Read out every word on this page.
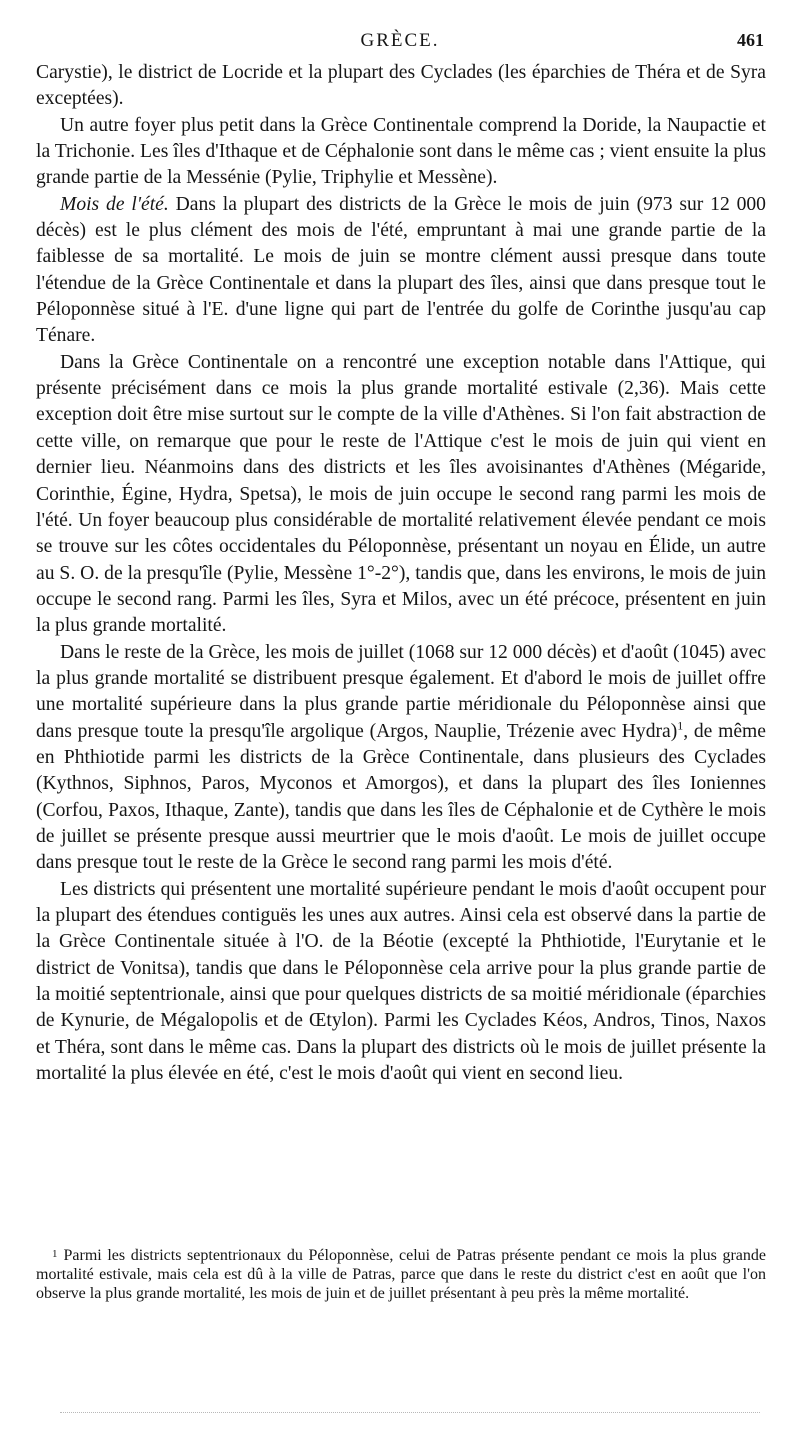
GRÈCE.	461

Carystie), le district de Locride et la plupart des Cyclades (les éparchies de Théra et de Syra exceptées).

Un autre foyer plus petit dans la Grèce Continentale comprend la Doride, la Naupactie et la Trichonie. Les îles d'Ithaque et de Céphalonie sont dans le même cas ; vient ensuite la plus grande partie de la Messénie (Pylie, Triphylie et Messène).

Mois de l'été. Dans la plupart des districts de la Grèce le mois de juin (973 sur 12 000 décès) est le plus clément des mois de l'été, empruntant à mai une grande partie de la faiblesse de sa mortalité. Le mois de juin se montre clément aussi presque dans toute l'étendue de la Grèce Continentale et dans la plupart des îles, ainsi que dans presque tout le Péloponnèse situé à l'E. d'une ligne qui part de l'entrée du golfe de Corinthe jusqu'au cap Ténare.

Dans la Grèce Continentale on a rencontré une exception notable dans l'Attique, qui présente précisément dans ce mois la plus grande mortalité estivale (2,36). Mais cette exception doit être mise surtout sur le compte de la ville d'Athènes. Si l'on fait abstraction de cette ville, on remarque que pour le reste de l'Attique c'est le mois de juin qui vient en dernier lieu. Néanmoins dans des districts et les îles avoisinantes d'Athènes (Mégaride, Corinthie, Égine, Hydra, Spetsa), le mois de juin occupe le second rang parmi les mois de l'été. Un foyer beaucoup plus considérable de mortalité relativement élevée pendant ce mois se trouve sur les côtes occidentales du Péloponnèse, présentant un noyau en Élide, un autre au S. O. de la presqu'île (Pylie, Messène 1°-2°), tandis que, dans les environs, le mois de juin occupe le second rang. Parmi les îles, Syra et Milos, avec un été précoce, présentent en juin la plus grande mortalité.

Dans le reste de la Grèce, les mois de juillet (1068 sur 12 000 décès) et d'août (1045) avec la plus grande mortalité se distribuent presque également. Et d'abord le mois de juillet offre une mortalité supérieure dans la plus grande partie méridionale du Péloponnèse ainsi que dans presque toute la presqu'île argolique (Argos, Nauplie, Trézenie avec Hydra)$^1$, de même en Phthiotide parmi les districts de la Grèce Continentale, dans plusieurs des Cyclades (Kythnos, Siphnos, Paros, Myconos et Amorgos), et dans la plupart des îles Ioniennes (Corfou, Paxos, Ithaque, Zante), tandis que dans les îles de Céphalonie et de Cythère le mois de juillet se présente presque aussi meurtrier que le mois d'août. Le mois de juillet occupe dans presque tout le reste de la Grèce le second rang parmi les mois d'été.

Les districts qui présentent une mortalité supérieure pendant le mois d'août occupent pour la plupart des étendues contiguës les unes aux autres. Ainsi cela est observé dans la partie de la Grèce Continentale située à l'O. de la Béotie (excepté la Phthiotide, l'Eurytanie et le district de Vonitsa), tandis que dans le Péloponnèse cela arrive pour la plus grande partie de la moitié septentrionale, ainsi que pour quelques districts de sa moitié méridionale (éparchies de Kynurie, de Mégalopolis et de Œtylon). Parmi les Cyclades Kéos, Andros, Tinos, Naxos et Théra, sont dans le même cas. Dans la plupart des districts où le mois de juillet présente la mortalité la plus élevée en été, c'est le mois d'août qui vient en second lieu.

1 Parmi les districts septentrionaux du Péloponnèse, celui de Patras présente pendant ce mois la plus grande mortalité estivale, mais cela est dû à la ville de Patras, parce que dans le reste du district c'est en août que l'on observe la plus grande mortalité, les mois de juin et de juillet présentant à peu près la même mortalité.
